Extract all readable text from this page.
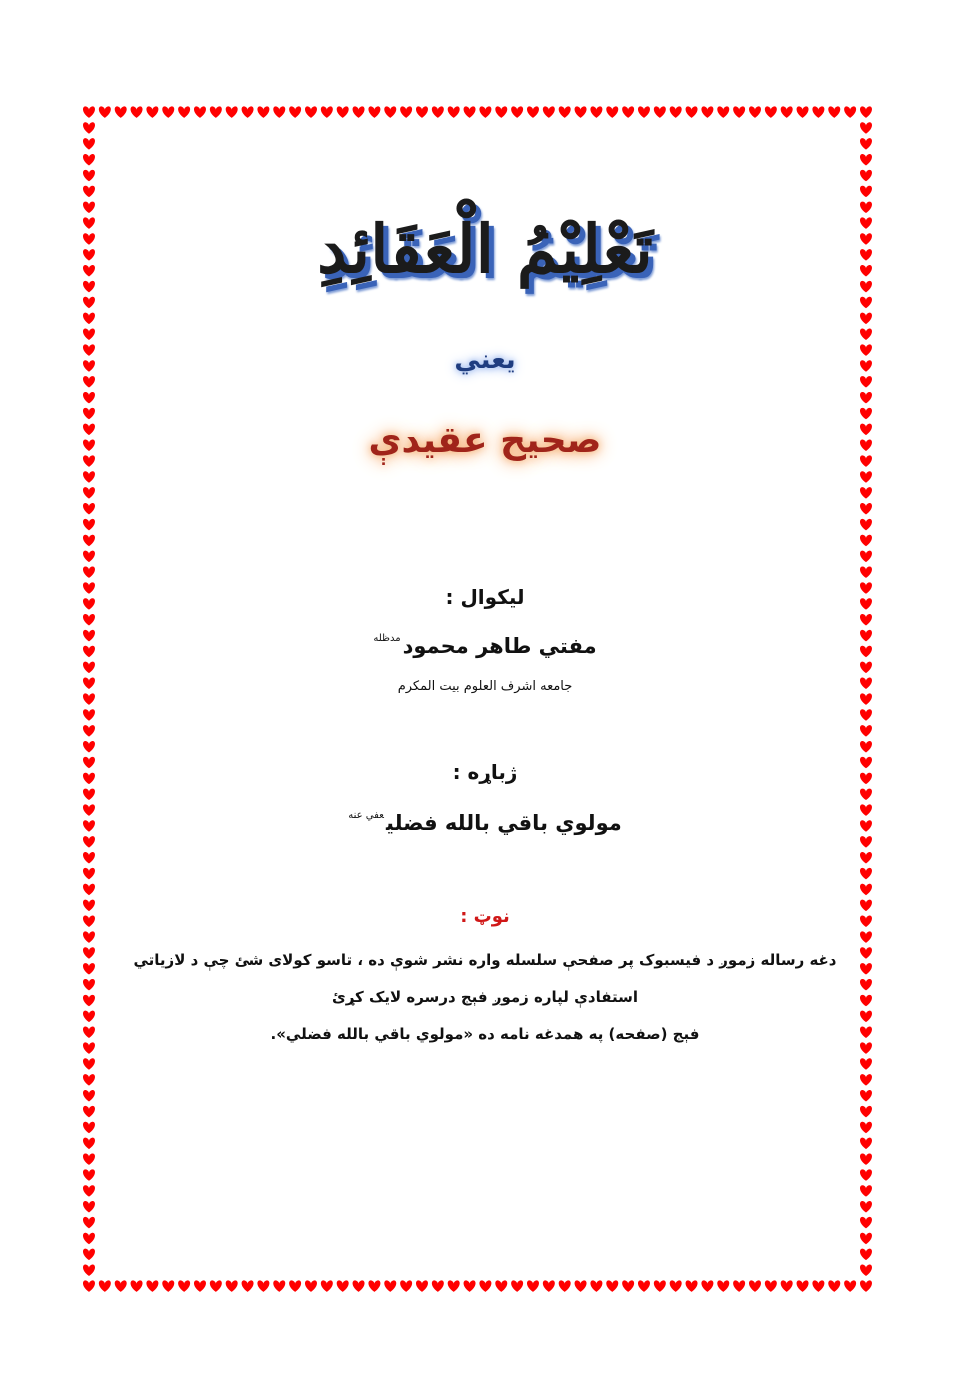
تَعْلِيْمُ الْعَقَائِدِ
يعني
صحيح عقيدې
ليکوال :
مفتي طاهر محمود$^{مدظله}$
جامعه اشرف العلوم بيت المکرم
ژباړه :
مولوي باقي بالله فضلي$^{عفي عنه}$
نوټ :
دغه رساله زموږ د فيسبوک پر صفحې سلسله واره نشر شوې ده ، تاسو کولای شئ چې د لازياتي
استفادې لپاره زموږ فېج درسره لايک کړئ
فېج (صفحه) په همدغه نامه ده «مولوي باقي بالله فضلي».
